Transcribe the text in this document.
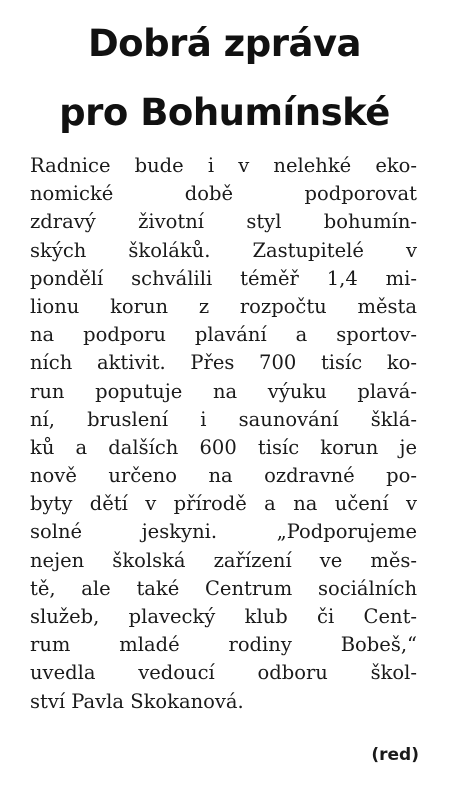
Dobrá zpráva
pro Bohumínské
Radnice bude i v nelehké eko-
nomické době podporovat
zdravý životní styl bohumín-
ských školáků. Zastupitelé v
pondělí schválili téměř 1,4 mi-
lionu korun z rozpočtu města
na podporu plavání a sportov-
ních aktivit. Přes 700 tisíc ko-
run poputuje na výuku plavá-
ní, bruslení i saunování šklá-
ků a dalších 600 tisíc korun je
nově určeno na ozdravné po-
byty dětí v přírodě a na učení v
solné jeskyni. „Podporujeme
nejen školská zařízení ve měs-
tě, ale také Centrum sociálních
služeb, plavecký klub či Cent-
rum mladé rodiny Bobeš,“
uvedla vedoucí odboru škol-
ství Pavla Skokanová.
(red)
